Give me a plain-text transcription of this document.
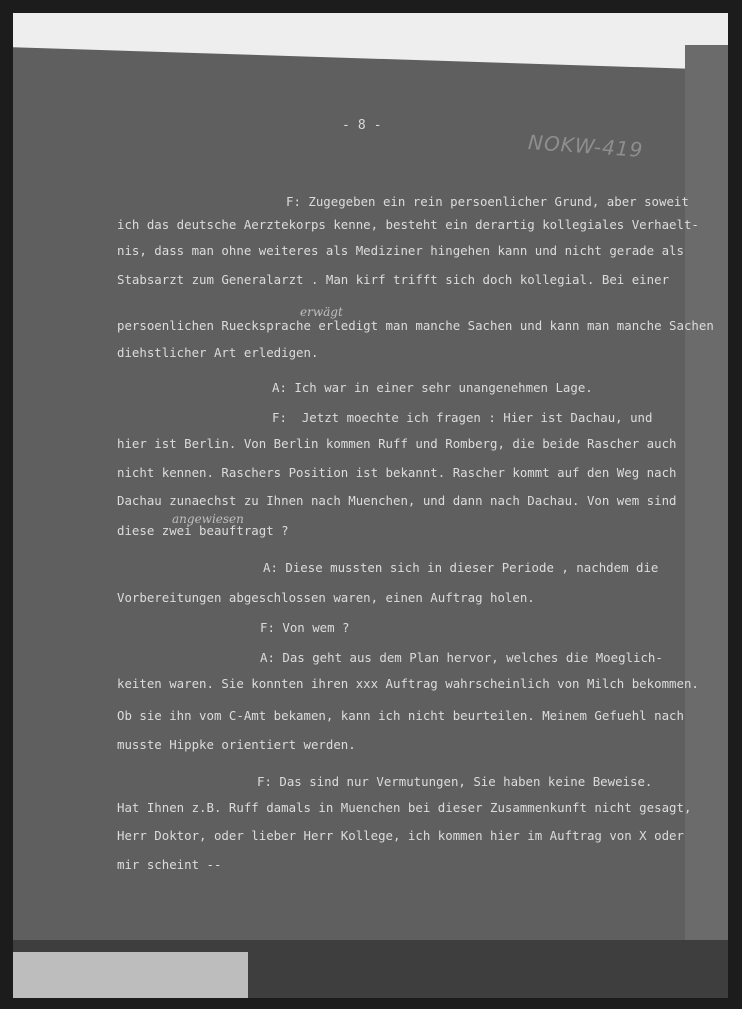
- 8 -
NOKW-419
F: Zugegeben ein rein persoenlicher Grund, aber soweit
ich das deutsche Aerztekorps kenne, besteht ein derartig kollegiales Verhaelt-
nis, dass man ohne weiteres als Mediziner hingehen kann und nicht gerade als
Stabsarzt zum Generalarzt . Man kirf trifft sich doch kollegial. Bei einer
erwägt
persoenlichen Ruecksprache erledigt man manche Sachen und kann man manche Sachen
diehstlicher Art erledigen.
A: Ich war in einer sehr unangenehmen Lage.
F:  Jetzt moechte ich fragen : Hier ist Dachau, und
hier ist Berlin. Von Berlin kommen Ruff und Romberg, die beide Rascher auch
nicht kennen. Raschers Position ist bekannt. Rascher kommt auf den Weg nach
Dachau zunaechst zu Ihnen nach Muenchen, und dann nach Dachau. Von wem sind
angewiesen
diese zwei beauftragt ?
A: Diese mussten sich in dieser Periode , nachdem die
Vorbereitungen abgeschlossen waren, einen Auftrag holen.
F: Von wem ?
A: Das geht aus dem Plan hervor, welches die Moeglich-
keiten waren. Sie konnten ihren xxx Auftrag wahrscheinlich von Milch bekommen.
Ob sie ihn vom C-Amt bekamen, kann ich nicht beurteilen. Meinem Gefuehl nach
musste Hippke orientiert werden.
F: Das sind nur Vermutungen, Sie haben keine Beweise.
Hat Ihnen z.B. Ruff damals in Muenchen bei dieser Zusammenkunft nicht gesagt,
Herr Doktor, oder lieber Herr Kollege, ich kommen hier im Auftrag von X oder
mir scheint --
